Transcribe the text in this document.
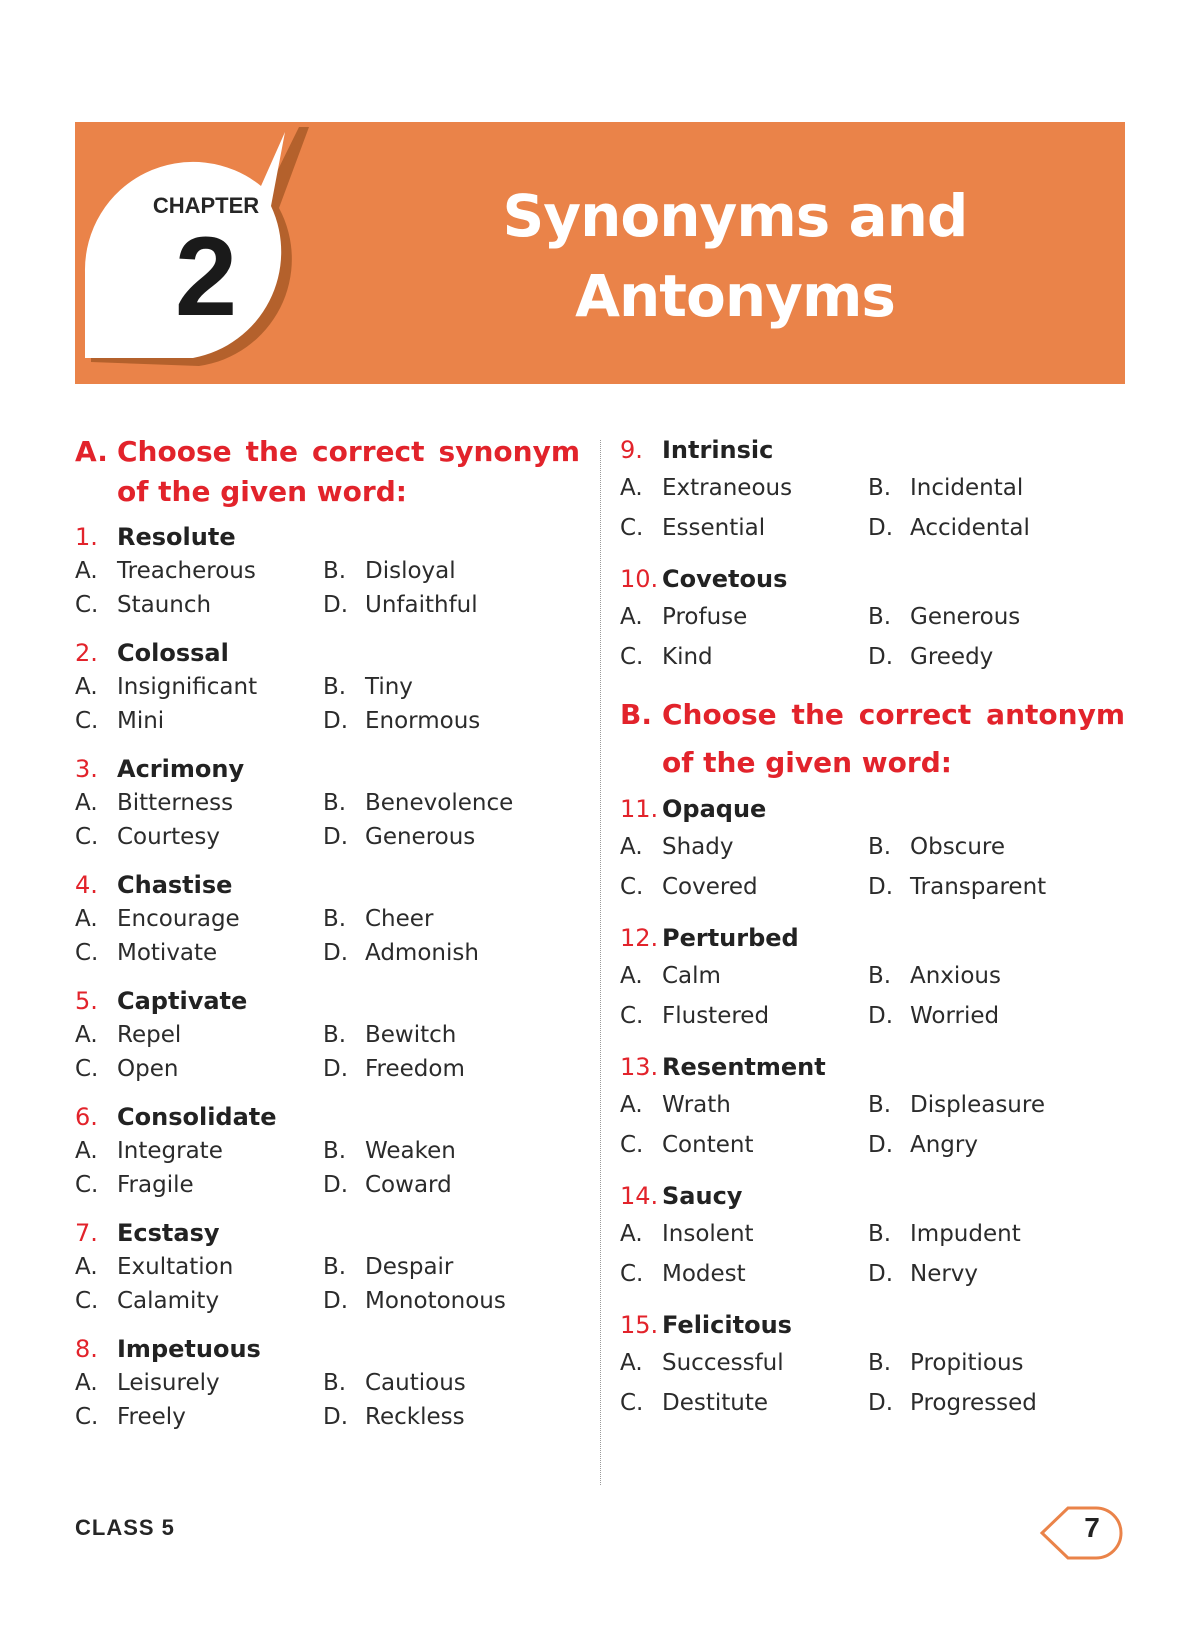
CHAPTER
2	Synonyms and
Antonyms
A. Choose the correct synonym of the given word:
1. Resolute
A. Treacherous	B. Disloyal
C. Staunch	D. Unfaithful
2. Colossal
A. Insignificant	B. Tiny
C. Mini	D. Enormous
3. Acrimony
A. Bitterness	B. Benevolence
C. Courtesy	D. Generous
4. Chastise
A. Encourage	B. Cheer
C. Motivate	D. Admonish
5. Captivate
A. Repel	B. Bewitch
C. Open	D. Freedom
6. Consolidate
A. Integrate	B. Weaken
C. Fragile	D. Coward
7. Ecstasy
A. Exultation	B. Despair
C. Calamity	D. Monotonous
8. Impetuous
A. Leisurely	B. Cautious
C. Freely	D. Reckless
9. Intrinsic
A. Extraneous	B. Incidental
C. Essential	D. Accidental
10. Covetous
A. Profuse	B. Generous
C. Kind	D. Greedy
B. Choose the correct antonym of the given word:
11. Opaque
A. Shady	B. Obscure
C. Covered	D. Transparent
12. Perturbed
A. Calm	B. Anxious
C. Flustered	D. Worried
13. Resentment
A. Wrath	B. Displeasure
C. Content	D. Angry
14. Saucy
A. Insolent	B. Impudent
C. Modest	D. Nervy
15. Felicitous
A. Successful	B. Propitious
C. Destitute	D. Progressed
CLASS 5	7
